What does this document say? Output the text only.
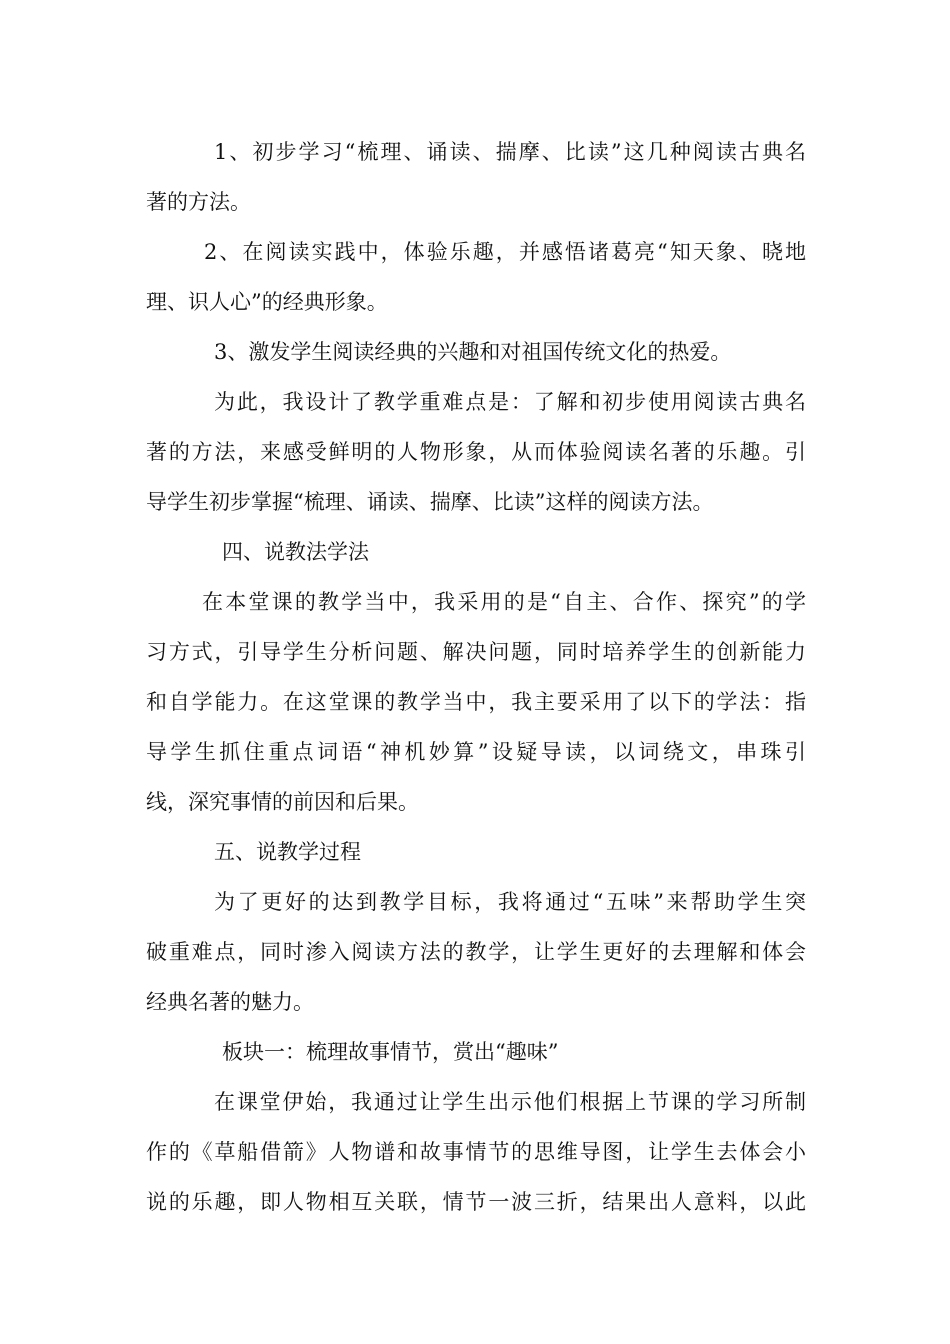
1、初步学习“梳理、诵读、揣摩、比读”这几种阅读古典名
著的方法。
2、在阅读实践中，体验乐趣，并感悟诸葛亮“知天象、晓地
理、识人心”的经典形象。
3、激发学生阅读经典的兴趣和对祖国传统文化的热爱。
为此，我设计了教学重难点是：了解和初步使用阅读古典名
著的方法，来感受鲜明的人物形象，从而体验阅读名著的乐趣。引
导学生初步掌握“梳理、诵读、揣摩、比读”这样的阅读方法。
四、说教法学法
在本堂课的教学当中，我采用的是“自主、合作、探究”的学
习方式，引导学生分析问题、解决问题，同时培养学生的创新能力
和自学能力。在这堂课的教学当中，我主要采用了以下的学法：指
导学生抓住重点词语“神机妙算”设疑导读，以词绕文，串珠引
线，深究事情的前因和后果。
五、说教学过程
为了更好的达到教学目标，我将通过“五味”来帮助学生突
破重难点，同时渗入阅读方法的教学，让学生更好的去理解和体会
经典名著的魅力。
板块一：梳理故事情节，赏出“趣味”
在课堂伊始，我通过让学生出示他们根据上节课的学习所制
作的《草船借箭》人物谱和故事情节的思维导图，让学生去体会小
说的乐趣，即人物相互关联，情节一波三折，结果出人意料，以此
